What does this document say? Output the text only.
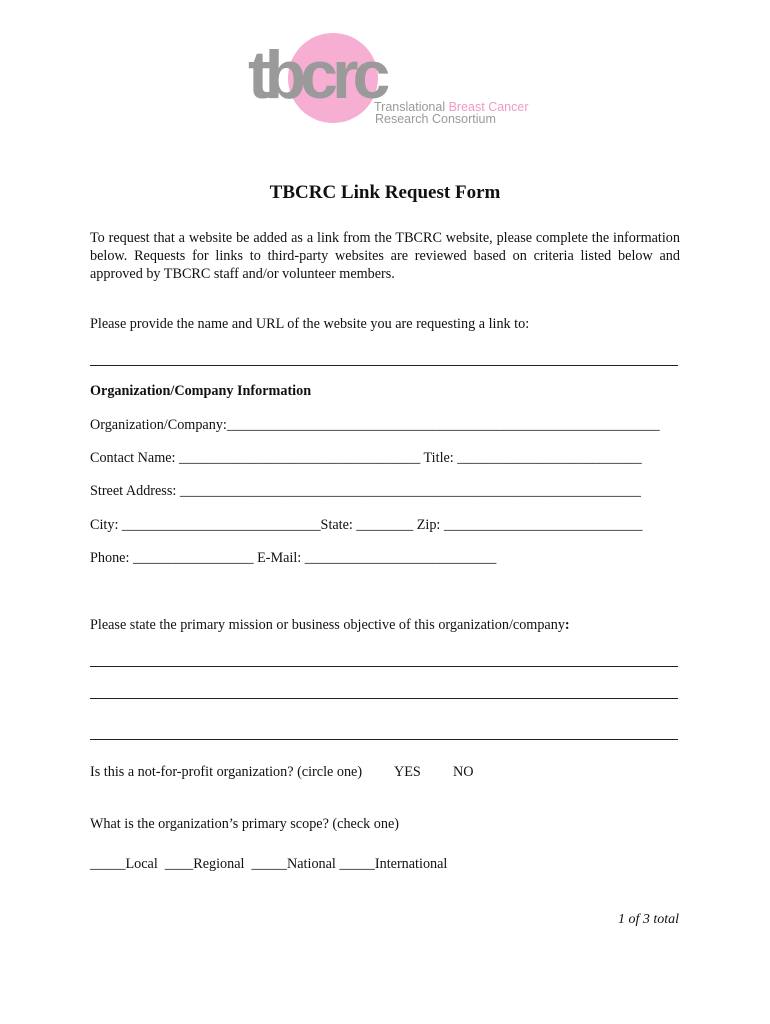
tbcrc
Translational Breast Cancer
Research Consortium
TBCRC Link Request Form
To request that a website be added as a link from the TBCRC website, please complete the information below. Requests for links to third-party websites are reviewed based on criteria listed below and approved by TBCRC staff and/or volunteer members.
Please provide the name and URL of the website you are requesting a link to:
Organization/Company Information
Organization/Company:_____________________________________________________________
Contact Name: __________________________________ Title: __________________________
Street Address: _________________________________________________________________
City: ____________________________State: ________ Zip: ____________________________
Phone: _________________ E-Mail: ___________________________
Please state the primary mission or business objective of this organization/company:
Is this a not-for-profit organization? (circle one) YES NO
What is the organization’s primary scope? (check one)
_____Local  ____Regional  _____National _____International
1 of 3 total
